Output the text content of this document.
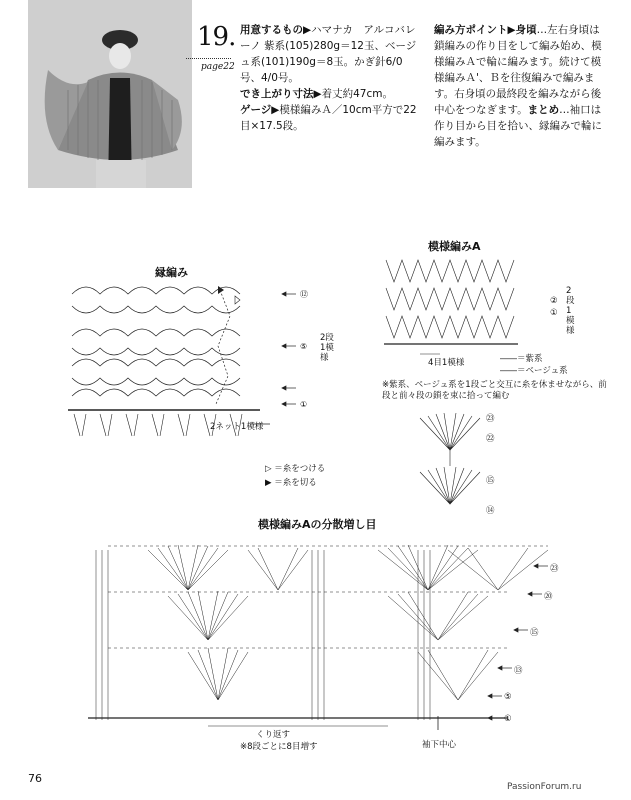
19.
page22
用意するもの▶ハマナカ　アルコバレーノ 紫系(105)280g＝12玉、ベージュ系(101)190g＝8玉。かぎ針6/0号、4/0号。
でき上がり寸法▶着丈約47cm。
ゲージ▶模様編みＡ／10cm平方で22目×17.5段。
編み方ポイント▶身頃…左右身頃は鎖編みの作り目をして編み始め、模様編みＡで輪に編みます。続けて模様編みＡ'、Ｂを往復編みで編みます。右身頃の最終段を編みながら後中心をつなぎます。まとめ…袖口は作り目から目を拾い、縁編みで輪に編みます。
縁編み
⑫
⑤
①
2段1模様
2ネット1模様
▷ ＝糸をつける
▶ ＝糸を切る
模様編みA
②
①
2段1模様
4目1模様	――＝紫系
――＝ベージュ系
※紫系、ベージュ系を1段ごと交互に糸を休ませながら、前段と前々段の鎖を束に拾って編む
㉓
㉒
⑮
⑭
模様編みAの分散増し目
㉓
⑳
⑮
⑬
⑤
①
くり返す
※8段ごとに8目増す	袖下中心
76
PassionForum.ru
